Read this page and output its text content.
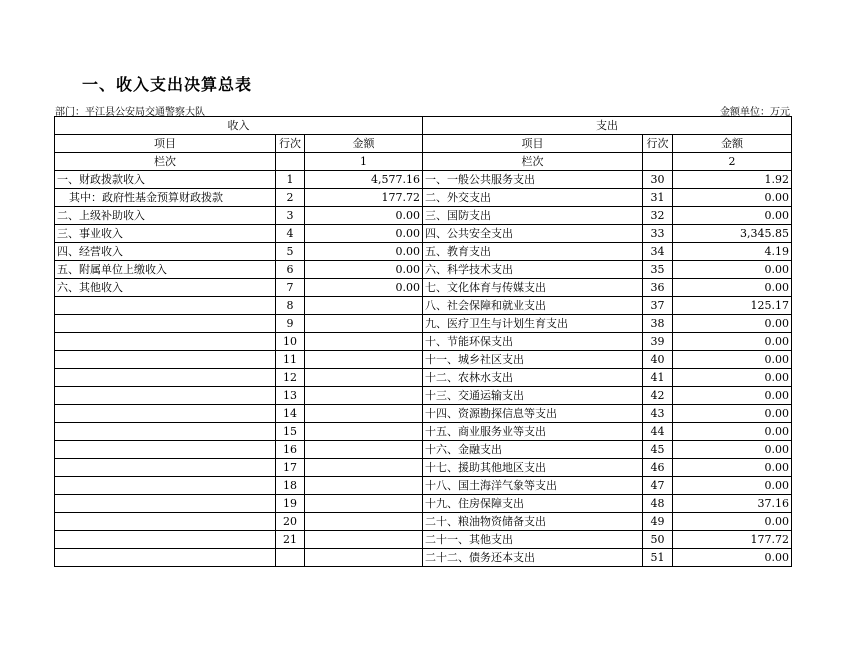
一、收入支出决算总表
部门：平江县公安局交通警察大队	金额单位：万元
收入			支出		
项目	行次	金额	项目	行次	金额
栏次		1	栏次		2
一、财政拨款收入	1	4,577.16	一、一般公共服务支出	30	1.92
其中：政府性基金预算财政拨款	2	177.72	二、外交支出	31	0.00
二、上级补助收入	3	0.00	三、国防支出	32	0.00
三、事业收入	4	0.00	四、公共安全支出	33	3,345.85
四、经营收入	5	0.00	五、教育支出	34	4.19
五、附属单位上缴收入	6	0.00	六、科学技术支出	35	0.00
六、其他收入	7	0.00	七、文化体育与传媒支出	36	0.00
	8		八、社会保障和就业支出	37	125.17
	9		九、医疗卫生与计划生育支出	38	0.00
	10		十、节能环保支出	39	0.00
	11		十一、城乡社区支出	40	0.00
	12		十二、农林水支出	41	0.00
	13		十三、交通运输支出	42	0.00
	14		十四、资源勘探信息等支出	43	0.00
	15		十五、商业服务业等支出	44	0.00
	16		十六、金融支出	45	0.00
	17		十七、援助其他地区支出	46	0.00
	18		十八、国土海洋气象等支出	47	0.00
	19		十九、住房保障支出	48	37.16
	20		二十、粮油物资储备支出	49	0.00
	21		二十一、其他支出	50	177.72
			二十二、债务还本支出	51	0.00
